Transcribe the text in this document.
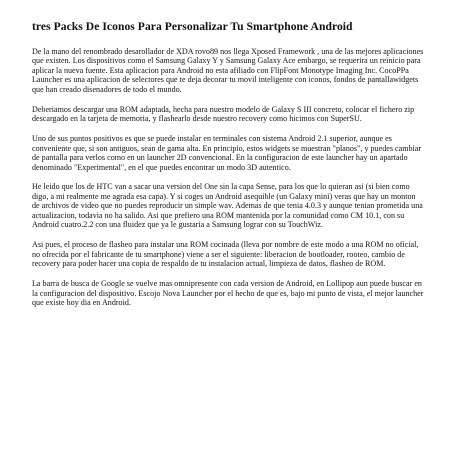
tres Packs De Iconos Para Personalizar Tu Smartphone Android

De la mano del renombrado desarollador de XDA rovo89 nos llega Xposed Framework , una de las mejores aplicaciones que existen. Los dispositivos como el Samsung Galaxy Y y Samsung Galaxy Ace embargo, se requerira un reinicio para aplicar la nueva fuente. Esta aplicacion para Android no esta afiliado con FlipFont Monotype Imaging Inc. CocoPPa Launcher es una aplicacion de selectores que te deja decorar tu movil inteligente con iconos, fondos de pantallawidgets que han creado disenadores de todo el mundo.

Deberiamos descargar una ROM adaptada, hecha para nuestro modelo de Galaxy S III concreto, colocar el fichero zip descargado en la tarjeta de memoria, y flashearlo desde nuestro recovery como hicimos con SuperSU.

Uno de sus puntos positivos es que se puede instalar en terminales con sistema Android 2.1 superior, aunque es conveniente que, si son antiguos, sean de gama alta. En principio, estos widgets se muestran "planos", y puedes cambiar de pantalla para verlos como en un launcher 2D convencional. En la configuracion de este launcher hay un apartado denominado "Experimental", en el que puedes encontrar un modo 3D autentico.

He leido que los de HTC van a sacar una version del One sin la capa Sense, para los que lo quieran asi (si bien como digo, a mi realmente me agrada esa capa). Y si coges un Android asequible (un Galaxy mini) veras que hay un monton de archivos de video que no puedes reproducir un simple wav. Ademas de que tenia 4.0.3 y aunque tenian prometida una actualizacion, todavia no ha salido. Asi que prefiero una ROM mantenida por la comunidad como CM 10.1, con su Android cuatro.2.2 con una fluidez que ya le gustaria a Samsung lograr con su TouchWiz.

Asi pues, el proceso de flasheo para instalar una ROM cocinada (lleva por nombre de este modo a una ROM no oficial, no ofrecida por el fabricante de tu smartphone) viene a ser el siguiente: liberacion de bootloader, rooteo, cambio de recovery para poder hacer una copia de respaldo de tu instalacion actual, limpieza de datos, flasheo de ROM.

La barra de busca de Google se vuelve mas omnipresente con cada version de Android, en Lollipop aun puede buscar en la configuracion del dispositivo. Escojo Nova Launcher por el hecho de que es, bajo mi punto de vista, el mejor launcher que existe hoy dia en Android.
